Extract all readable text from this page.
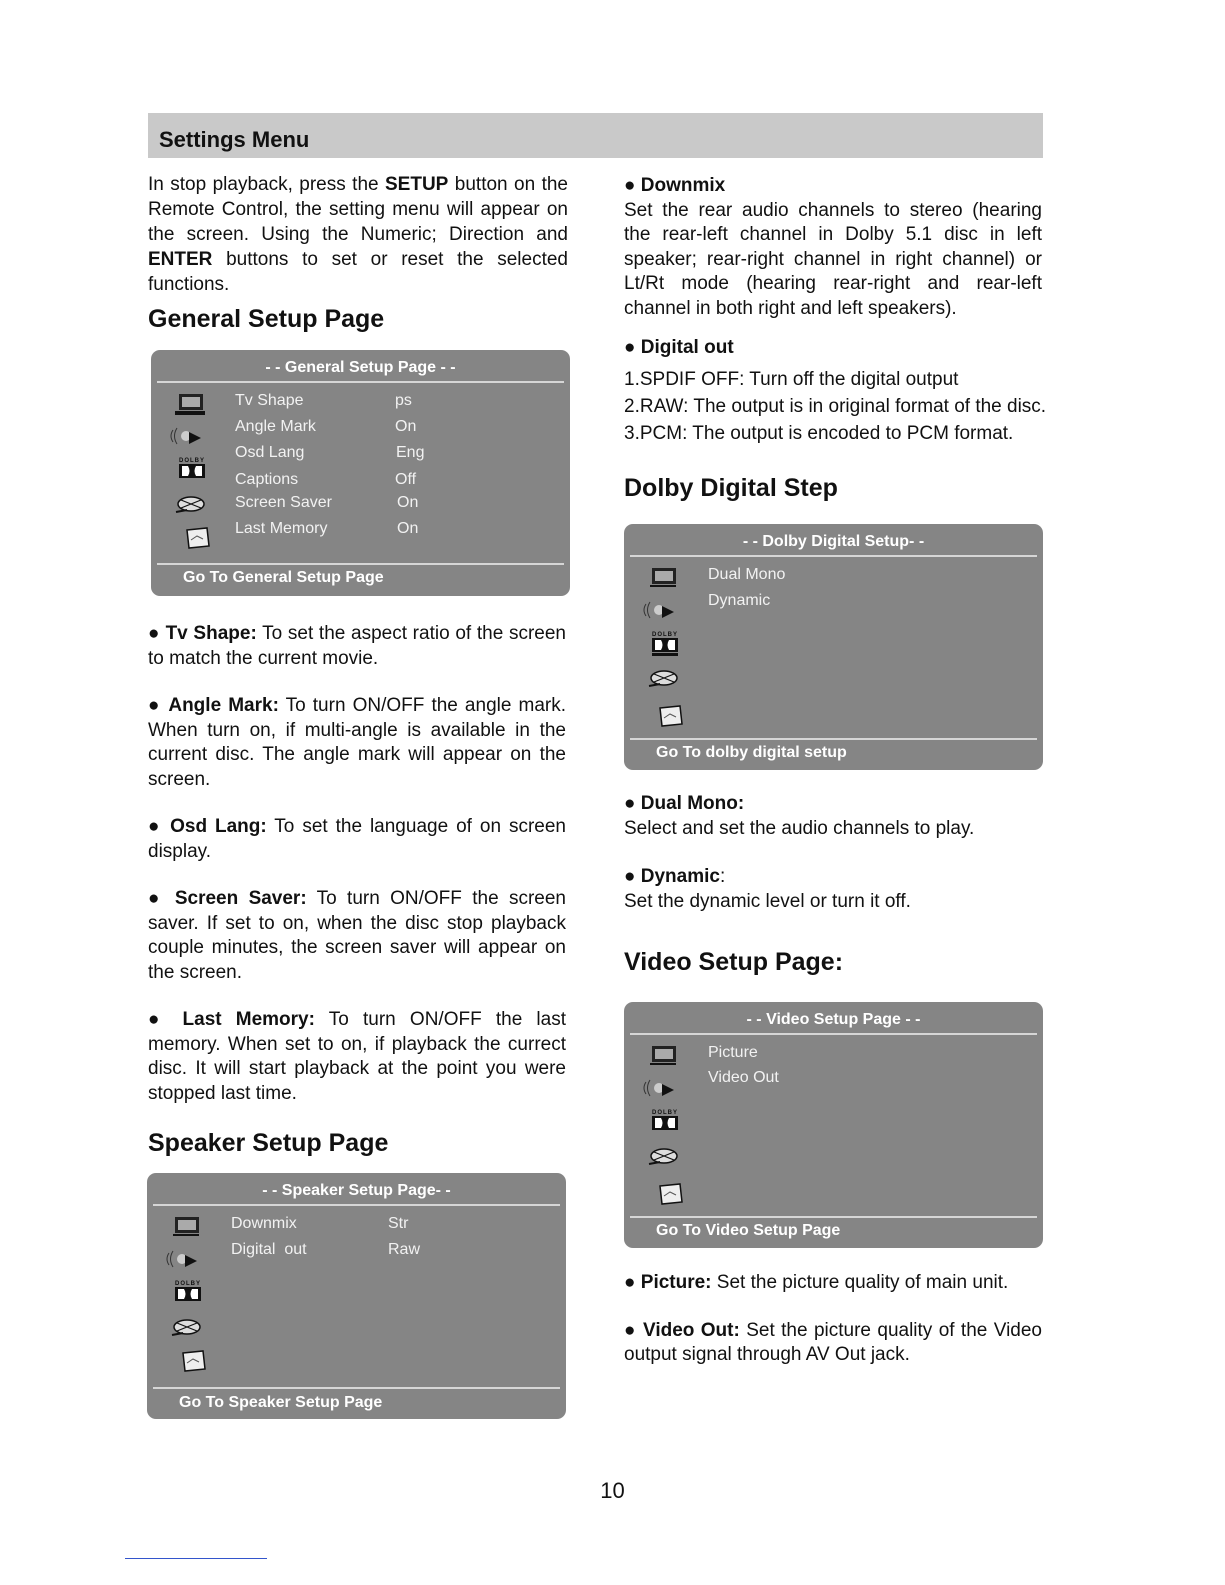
Settings Menu

In stop playback, press the SETUP button on the Remote Control, the setting menu will appear on the screen. Using the Numeric; Direction and ENTER buttons to set or reset the selected functions.

General Setup Page
- - General Setup Page - -
DOLBY
Tv Shape	ps
Angle Mark	On
Osd Lang	Eng
Captions	Off
Screen Saver	On
Last Memory	On
Go To General Setup Page

● Tv Shape: To set the aspect ratio of the screen to match the current movie.

● Angle Mark: To turn ON/OFF the angle mark. When turn on, if multi-angle is available in the current disc. The angle mark will appear on the screen.

● Osd Lang: To set the language of on screen display.

● Screen Saver: To turn ON/OFF the screen saver. If set to on, when the disc stop playback couple minutes, the screen saver will appear on the screen.

● Last Memory: To turn ON/OFF the last memory. When set to on, if playback the currect disc. It will start playback at the point you were stopped last time.

Speaker Setup Page
- - Speaker Setup Page- -
DOLBY
Downmix	Str
Digital  out	Raw
Go To Speaker Setup Page

● Downmix

Set the rear audio channels to stereo (hearing the rear-left channel in Dolby 5.1 disc in left speaker; rear-right channel in right channel) or Lt/Rt mode (hearing rear-right and rear-left channel in both right and left speakers).

● Digital out

1.SPDIF OFF: Turn off the digital output

2.RAW: The output is in original format of the disc.

3.PCM: The output is encoded to PCM format.

Dolby Digital Step
- - Dolby Digital Setup- -
DOLBY
Dual Mono
Dynamic
Go To dolby digital setup

● Dual Mono:

Select and set the audio channels to play.

● Dynamic:

Set the dynamic level or turn it off.

Video Setup Page:
- - Video Setup Page - -
DOLBY
Picture
Video Out
Go To Video Setup Page

● Picture: Set the picture quality of main unit.

● Video Out: Set the picture quality of the Video output signal through AV Out jack.

10
